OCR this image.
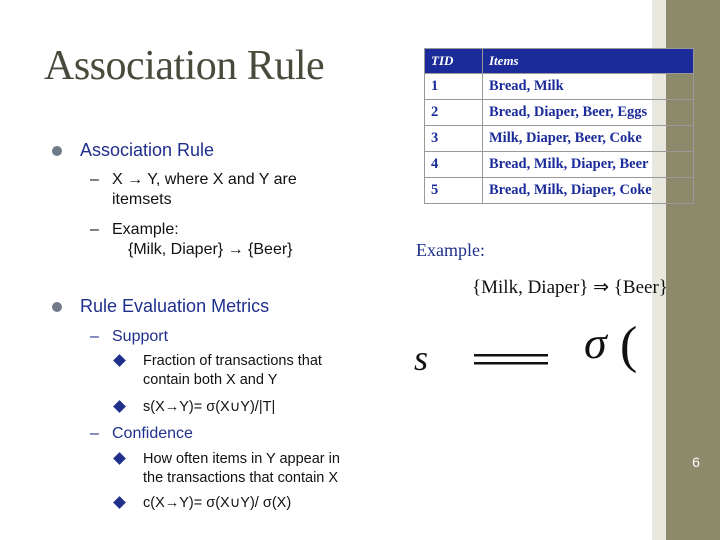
Association Rule
Association Rule
– X → Y, where X and Y are
itemsets
– Example:
{Milk, Diaper} → {Beer}
Rule Evaluation Metrics
– Support
Fraction of transactions that
contain both X and Y
s(X→Y)= σ(X∪Y)/|T|
– Confidence
How often items in Y appear in
the transactions that contain X
c(X→Y)= σ(X∪Y)/ σ(X)
TID	Items
1	Bread, Milk
2	Bread, Diaper, Beer, Eggs
3	Milk, Diaper, Beer, Coke
4	Bread, Milk, Diaper, Beer
5	Bread, Milk, Diaper, Coke
Example:
{Milk, Diaper} ⇒ {Beer}
s	σ (
6
